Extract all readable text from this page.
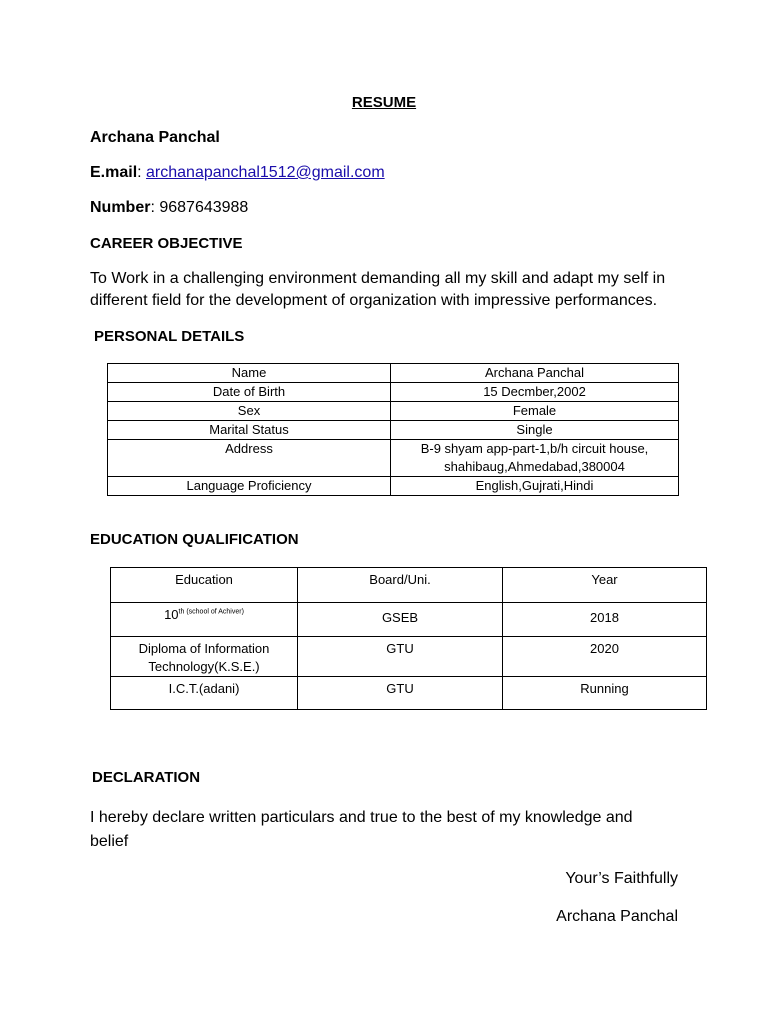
RESUME
Archana Panchal
E.mail: archanapanchal1512@gmail.com
Number: 9687643988
CAREER OBJECTIVE
To Work in a challenging environment demanding all my skill and adapt my self in different field for the development of organization with impressive performances.
PERSONAL DETAILS
Name	Archana Panchal
Date of Birth	15 Decmber,2002
Sex	Female
Marital Status	Single
Address	B-9 shyam app-part-1,b/h circuit house, shahibaug,Ahmedabad,380004
Language Proficiency	English,Gujrati,Hindi
EDUCATION QUALIFICATION
Education	Board/Uni.	Year
$10^{th (school of Achiver)}$	GSEB	2018
Diploma of Information Technology(K.S.E.)	GTU	2020
I.C.T.(adani)	GTU	Running
DECLARATION
I hereby declare written particulars and true to the best of my knowledge and belief
Your’s Faithfully
Archana Panchal
